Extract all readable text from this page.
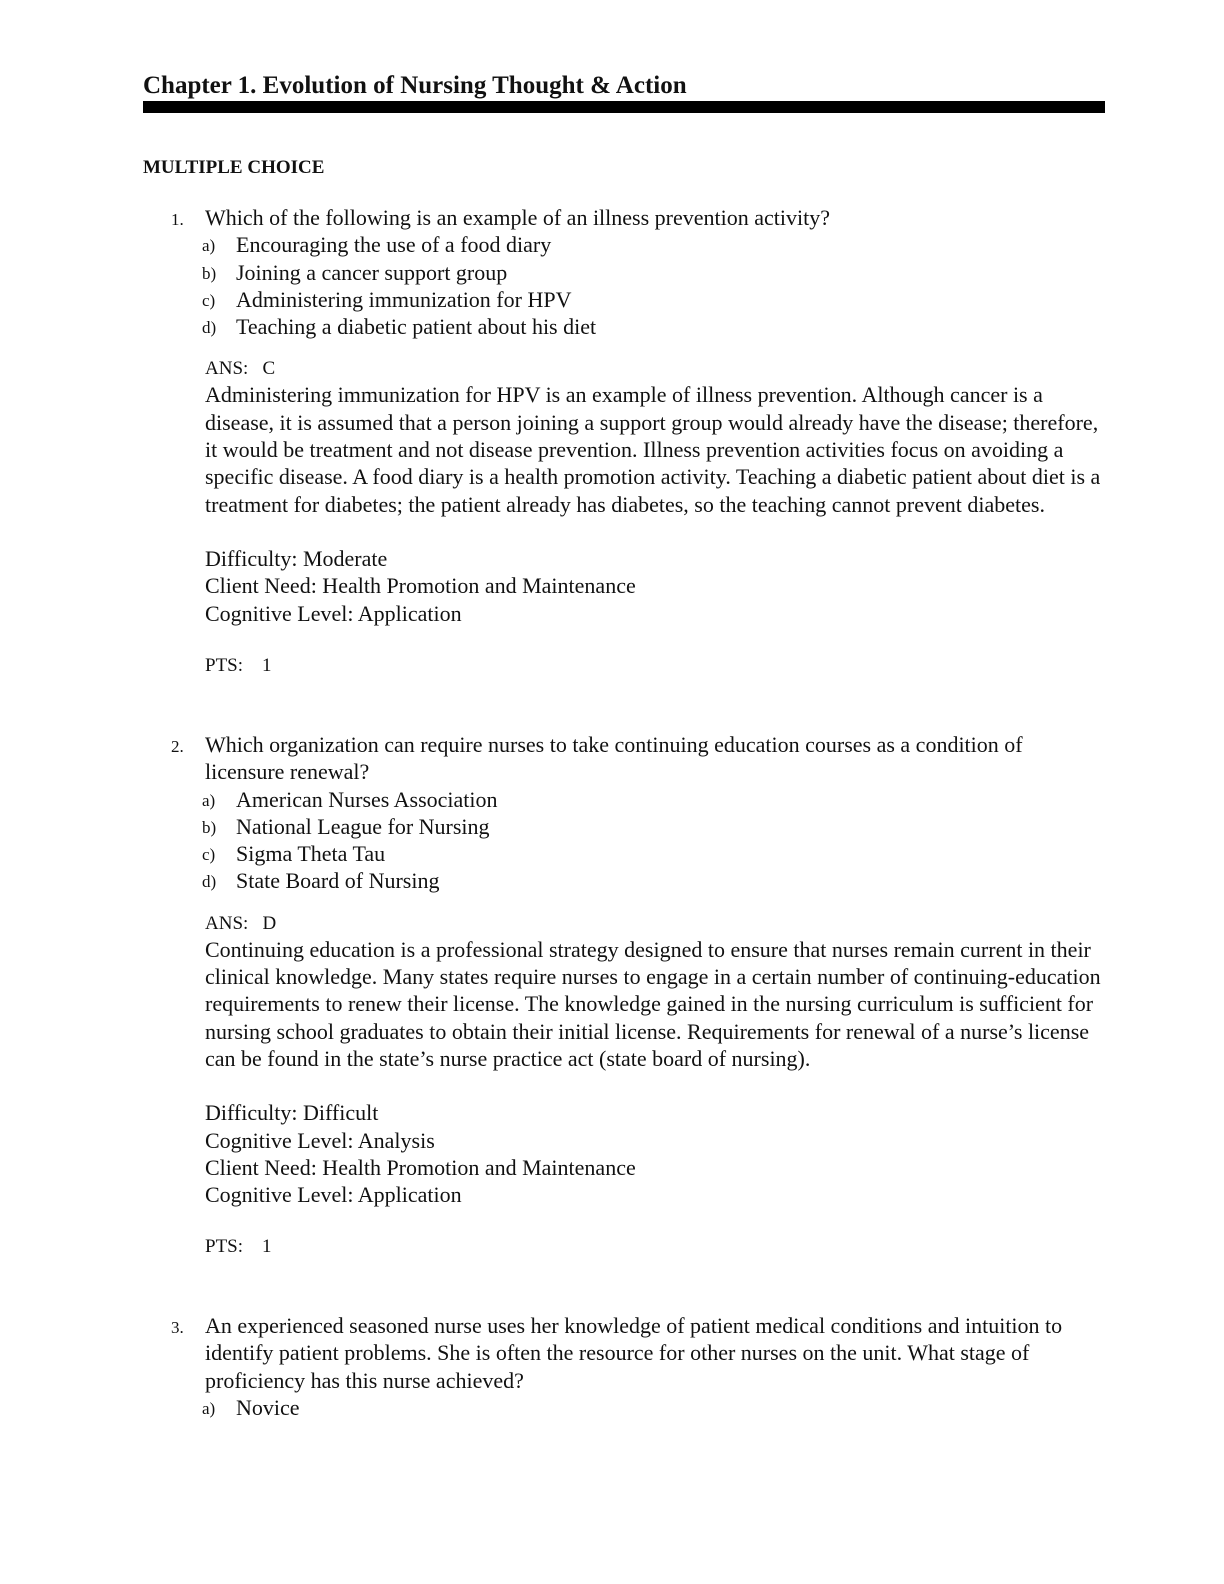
Chapter 1. Evolution of Nursing Thought & Action
MULTIPLE CHOICE
1. Which of the following is an example of an illness prevention activity?
a) Encouraging the use of a food diary
b) Joining a cancer support group
c) Administering immunization for HPV
d) Teaching a diabetic patient about his diet
ANS: C

Administering immunization for HPV is an example of illness prevention. Although cancer is a disease, it is assumed that a person joining a support group would already have the disease; therefore, it would be treatment and not disease prevention. Illness prevention activities focus on avoiding a specific disease. A food diary is a health promotion activity. Teaching a diabetic patient about diet is a treatment for diabetes; the patient already has diabetes, so the teaching cannot prevent diabetes.

Difficulty: Moderate
Client Need: Health Promotion and Maintenance
Cognitive Level: Application
PTS: 1
2. Which organization can require nurses to take continuing education courses as a condition of licensure renewal?
a) American Nurses Association
b) National League for Nursing
c) Sigma Theta Tau
d) State Board of Nursing
ANS: D

Continuing education is a professional strategy designed to ensure that nurses remain current in their clinical knowledge. Many states require nurses to engage in a certain number of continuing-education requirements to renew their license. The knowledge gained in the nursing curriculum is sufficient for nursing school graduates to obtain their initial license. Requirements for renewal of a nurse’s license can be found in the state’s nurse practice act (state board of nursing).

Difficulty: Difficult
Cognitive Level: Analysis
Client Need: Health Promotion and Maintenance
Cognitive Level: Application
PTS: 1
3. An experienced seasoned nurse uses her knowledge of patient medical conditions and intuition to identify patient problems. She is often the resource for other nurses on the unit. What stage of proficiency has this nurse achieved?
a) Novice
